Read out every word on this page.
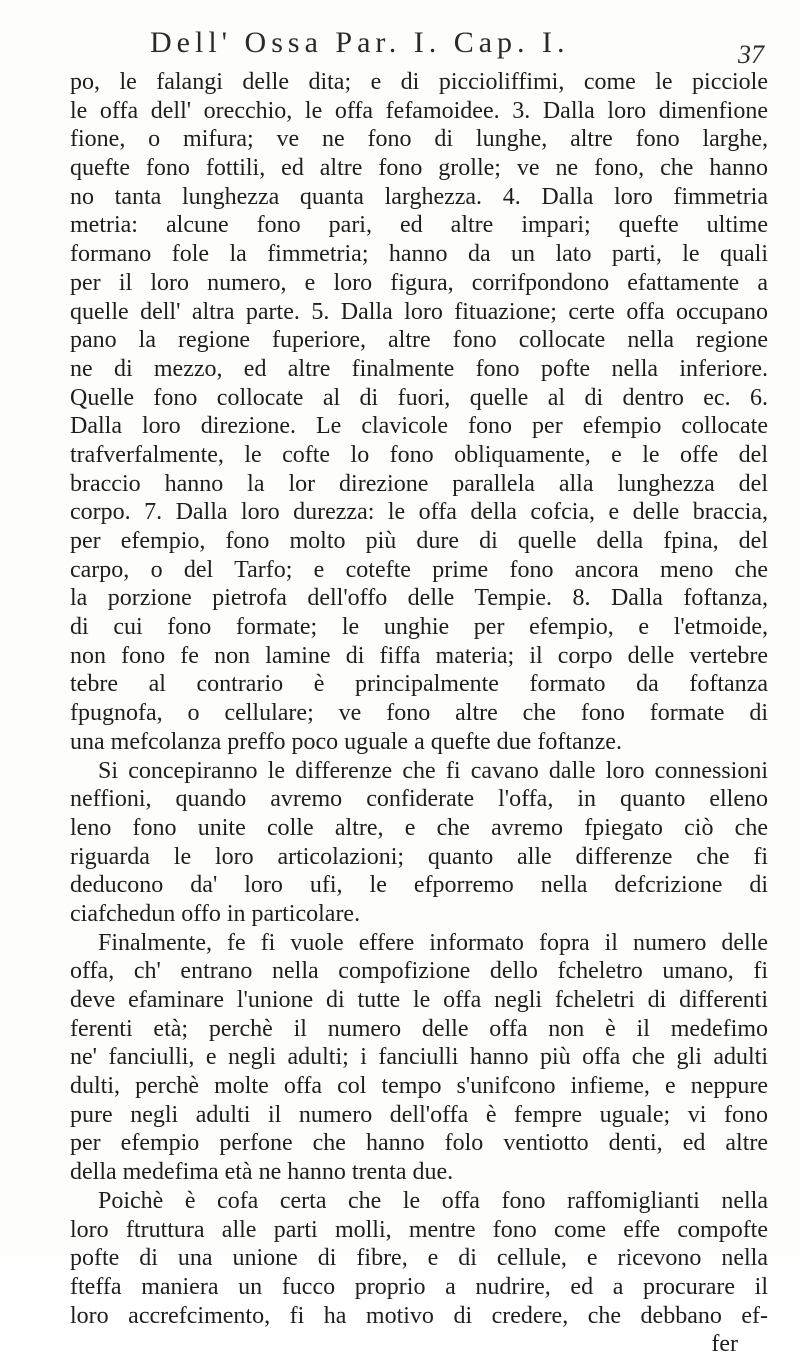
Dell' Ossa Par. I. Cap. I.	37
po, le falangi delle dita; e di piccioliffimi, come le picciole
le offa dell' orecchio, le offa fefamoidee. 3. Dalla loro dimenfione
fione, o mifura; ve ne fono di lunghe, altre fono larghe,
quefte fono fottili, ed altre fono grolle; ve ne fono, che hanno
no tanta lunghezza quanta larghezza. 4. Dalla loro fimmetria
metria: alcune fono pari, ed altre impari; quefte ultime
formano fole la fimmetria; hanno da un lato parti, le quali
per il loro numero, e loro figura, corrifpondono efattamente a
quelle dell' altra parte. 5. Dalla loro fituazione; certe offa occupano
pano la regione fuperiore, altre fono collocate nella regione
ne di mezzo, ed altre finalmente fono pofte nella inferiore.
Quelle fono collocate al di fuori, quelle al di dentro ec. 6.
Dalla loro direzione. Le clavicole fono per efempio collocate
trafverfalmente, le cofte lo fono obliquamente, e le offe del
braccio hanno la lor direzione parallela alla lunghezza del
corpo. 7. Dalla loro durezza: le offa della cofcia, e delle braccia,
per efempio, fono molto più dure di quelle della fpina, del
carpo, o del Tarfo; e cotefte prime fono ancora meno che
la porzione pietrofa dell'offo delle Tempie. 8. Dalla foftanza,
di cui fono formate; le unghie per efempio, e l'etmoide,
non fono fe non lamine di fiffa materia; il corpo delle vertebre
tebre al contrario è principalmente formato da foftanza
fpugnofa, o cellulare; ve fono altre che fono formate di
una mefcolanza preffo poco uguale a quefte due foftanze.
Si concepiranno le differenze che fi cavano dalle loro connessioni
neffioni, quando avremo confiderate l'offa, in quanto elleno
leno fono unite colle altre, e che avremo fpiegato ciò che
riguarda le loro articolazioni; quanto alle differenze che fi
deducono da' loro ufi, le efporremo nella defcrizione di
ciafchedun offo in particolare.
Finalmente, fe fi vuole effere informato fopra il numero delle
offa, ch' entrano nella compofizione dello fcheletro umano, fi
deve efaminare l'unione di tutte le offa negli fcheletri di differenti
ferenti età; perchè il numero delle offa non è il medefimo
ne' fanciulli, e negli adulti; i fanciulli hanno più offa che gli adulti
dulti, perchè molte offa col tempo s'unifcono infieme, e neppure
pure negli adulti il numero dell'offa è fempre uguale; vi fono
per efempio perfone che hanno folo ventiotto denti, ed altre
della medefima età ne hanno trenta due.
Poichè è cofa certa che le offa fono raffomiglianti nella
loro ftruttura alle parti molli, mentre fono come effe compofte
pofte di una unione di fibre, e di cellule, e ricevono nella
fteffa maniera un fucco proprio a nudrire, ed a procurare il
loro accrefcimento, fi ha motivo di credere, che debbano ef-
fer
